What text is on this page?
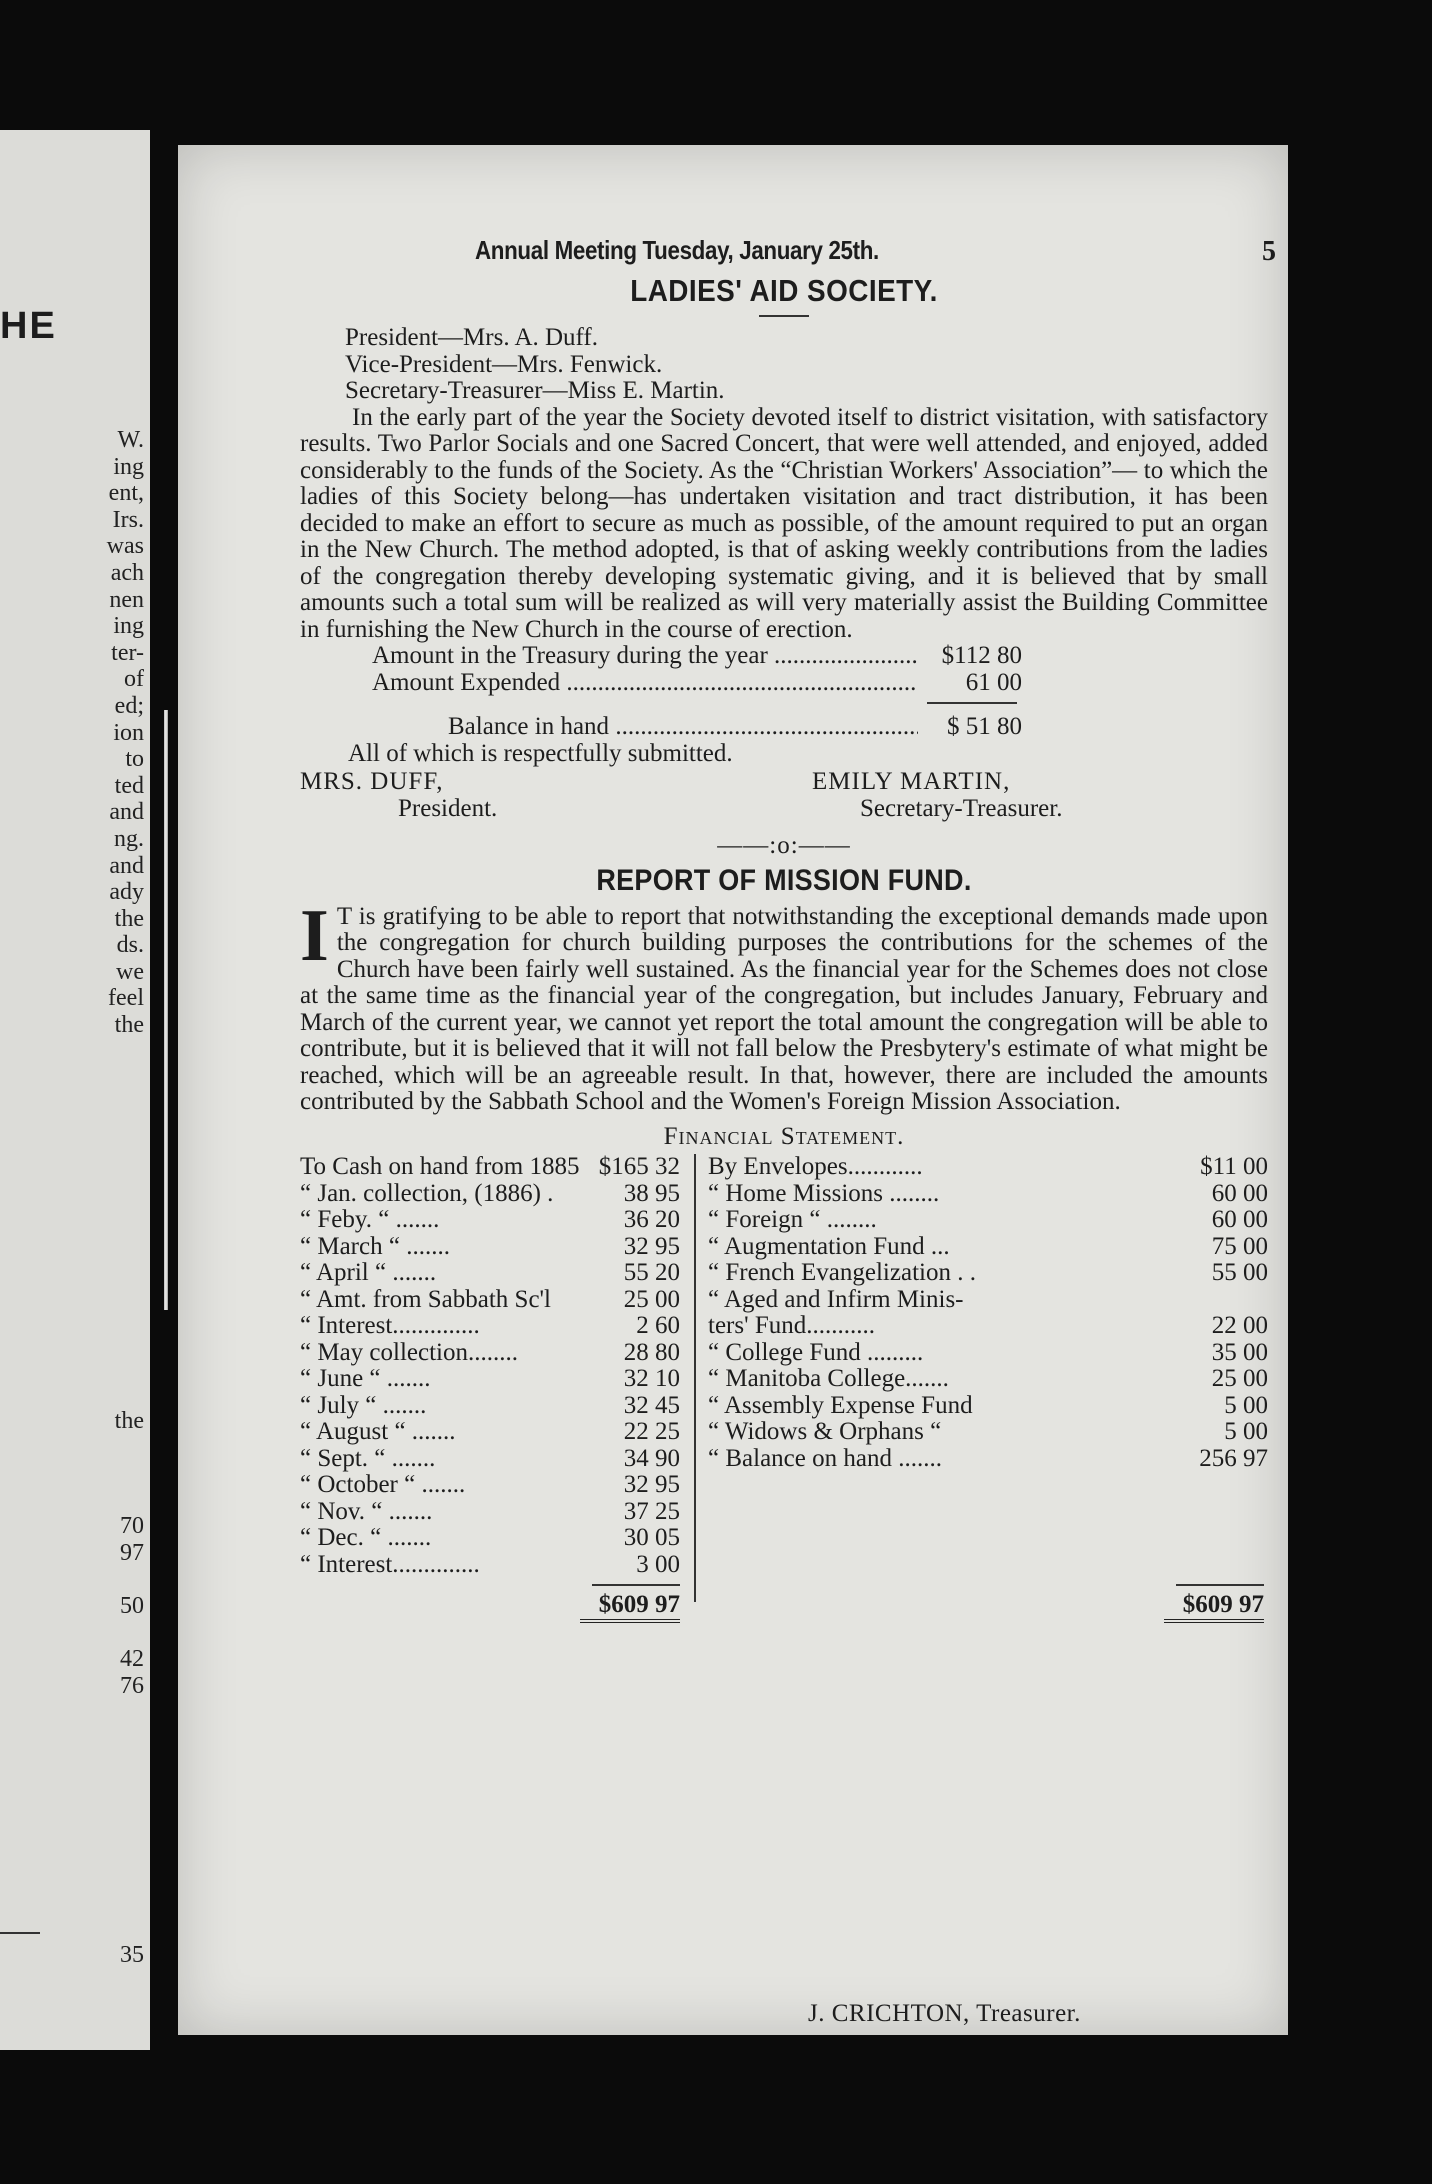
HE
W.
ing
ent,
Irs.
was
ach
nen
ing
ter-
of
ed;
ion
to
ted
and
ng.
and
ady
the
ds.
we
feel
the
the
70
97

50

42
76
35
Annual Meeting Tuesday, January 25th.	5
LADIES' AID SOCIETY.
President—Mrs. A. Duff.
Vice-President—Mrs. Fenwick.
Secretary-Treasurer—Miss E. Martin.

In the early part of the year the Society devoted itself to district visitation, with satisfactory results. Two Parlor Socials and one Sacred Concert, that were well attended, and enjoyed, added considerably to the funds of the Society. As the “Christian Workers' Association”— to which the ladies of this Society belong—has undertaken visitation and tract distribution, it has been decided to make an effort to secure as much as possible, of the amount required to put an organ in the New Church. The method adopted, is that of asking weekly contributions from the ladies of the congregation thereby developing systematic giving, and it is believed that by small amounts such a total sum will be realized as will very materially assist the Building Committee in furnishing the New Church in the course of erection.

Amount in the Treasury during the year .....	$112 80
Amount Expended .....	61 00
Balance in hand .....	$ 51 80
All of which is respectfully submitted.
MRS. DUFF,
President.
EMILY MARTIN,
Secretary-Treasurer.
——:o:——
REPORT OF MISSION FUND.

I T is gratifying to be able to report that notwithstanding the exceptional demands made upon the congregation for church building purposes the contributions for the schemes of the Church have been fairly well sustained. As the financial year for the Schemes does not close at the same time as the financial year of the congregation, but includes January, February and March of the current year, we cannot yet report the total amount the congregation will be able to contribute, but it is believed that it will not fall below the Presbytery's estimate of what might be reached, which will be an agreeable result. In that, however, there are included the amounts contributed by the Sabbath School and the Women's Foreign Mission Association.

Financial Statement.
To Cash on hand from 1885 $165 32
“ Jan. collection, (1886) .	38 95
“ Feby. “ .......	36 20
“ March “ .......	32 95
“ April “ .......	55 20
“ Amt. from Sabbath Sc'l	25 00
“ Interest..............	2 60
“ May collection........	28 80
“ June “ .......	32 10
“ July “ .......	32 45
“ August “ .......	22 25
“ Sept. “ .......	34 90
“ October “ .......	32 95
“ Nov. “ .......	37 25
“ Dec. “ .......	30 05
“ Interest..............	3 00
By Envelopes............	$11 00
“ Home Missions ........	60 00
“ Foreign “ ........	60 00
“ Augmentation Fund ...	75 00
“ French Evangelization . .	55 00
“ Aged and Infirm Minis-
ters' Fund...........	22 00
“ College Fund .........	35 00
“ Manitoba College.......	25 00
“ Assembly Expense Fund	5 00
“ Widows & Orphans “	5 00
“ Balance on hand .......	256 97
$609 97	$609 97
J. CRICHTON, Treasurer.
